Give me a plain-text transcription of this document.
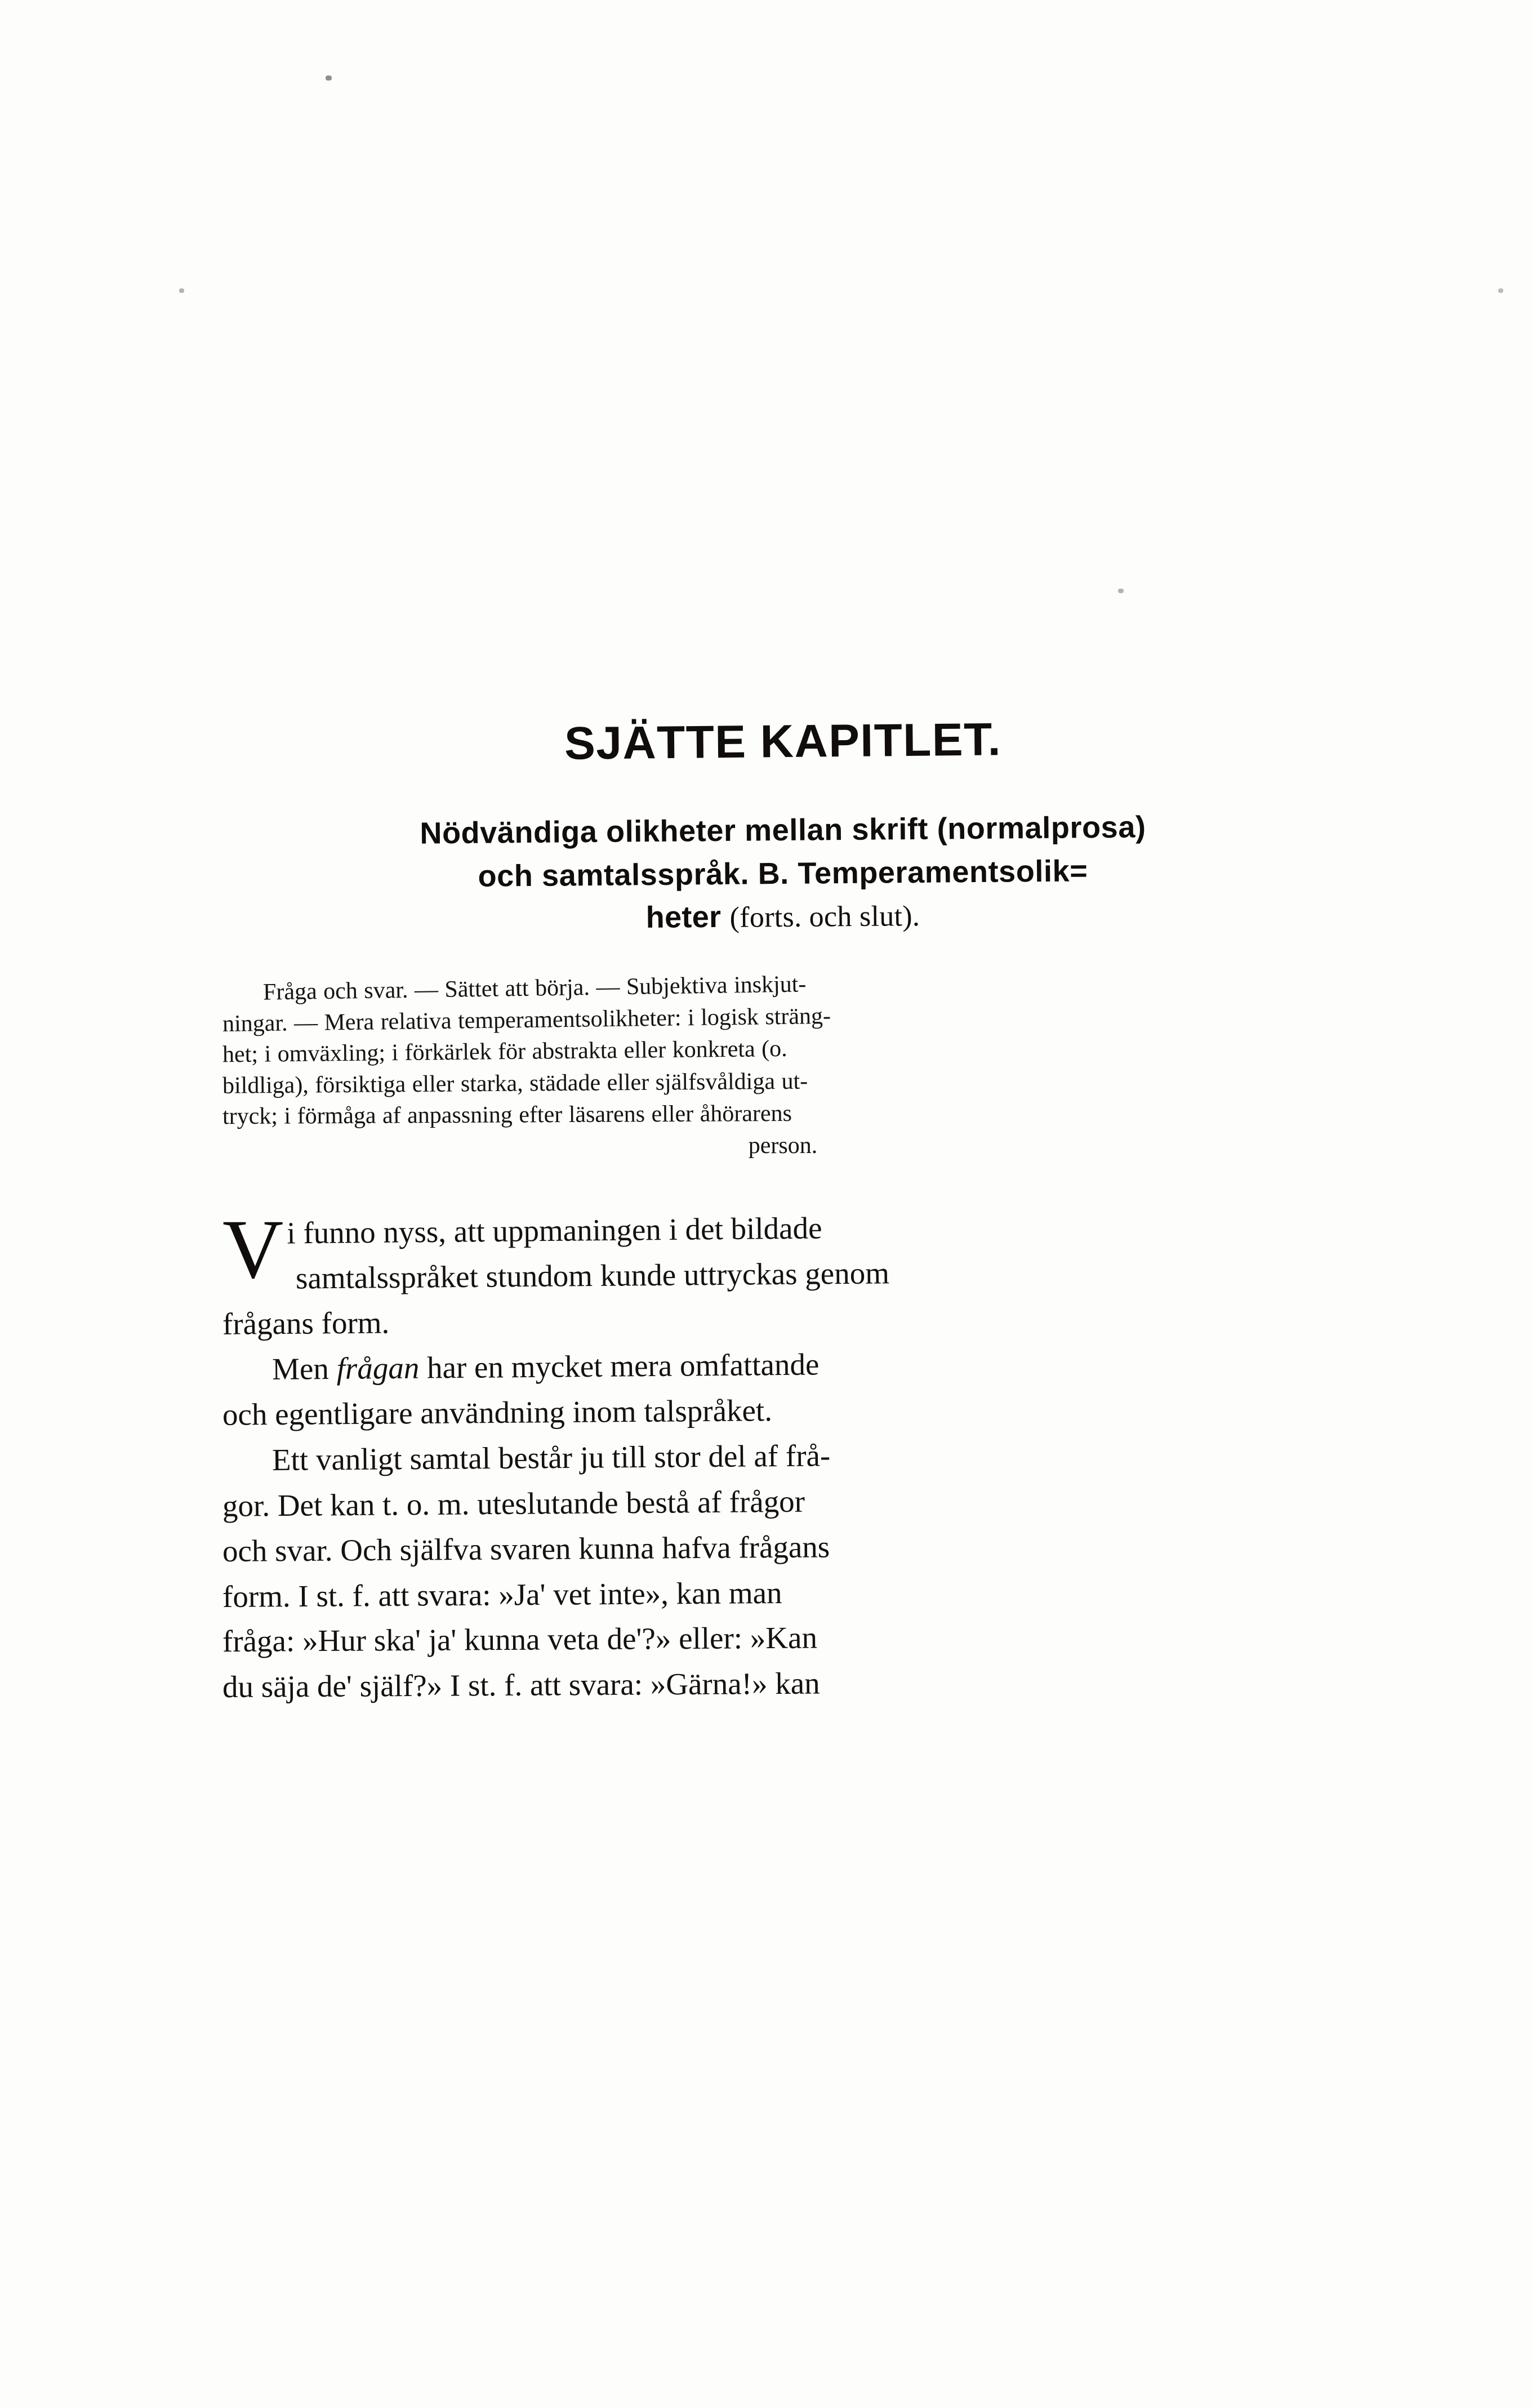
SJÄTTE KAPITLET.
Nödvändiga olikheter mellan skrift (normalprosa)
och samtalsspråk. B. Temperamentsolik=
heter (forts. och slut).
Fråga och svar. — Sättet att börja. — Subjektiva inskjut-
ningar. — Mera relativa temperamentsolikheter: i logisk sträng-
het; i omväxling; i förkärlek för abstrakta eller konkreta (o.
bildliga), försiktiga eller starka, städade eller själfsvåldiga ut-
tryck; i förmåga af anpassning efter läsarens eller åhörarens
person.

V i funno nyss, att uppmaningen i det bildade
samtalsspråket stundom kunde uttryckas genom
frågans form.

Men frågan har en mycket mera omfattande
och egentligare användning inom talspråket.

Ett vanligt samtal består ju till stor del af frå-
gor. Det kan t. o. m. uteslutande bestå af frågor
och svar. Och själfva svaren kunna hafva frågans
form. I st. f. att svara: »Ja' vet inte», kan man
fråga: »Hur ska' ja' kunna veta de'?» eller: »Kan
du säja de' själf?» I st. f. att svara: »Gärna!» kan
